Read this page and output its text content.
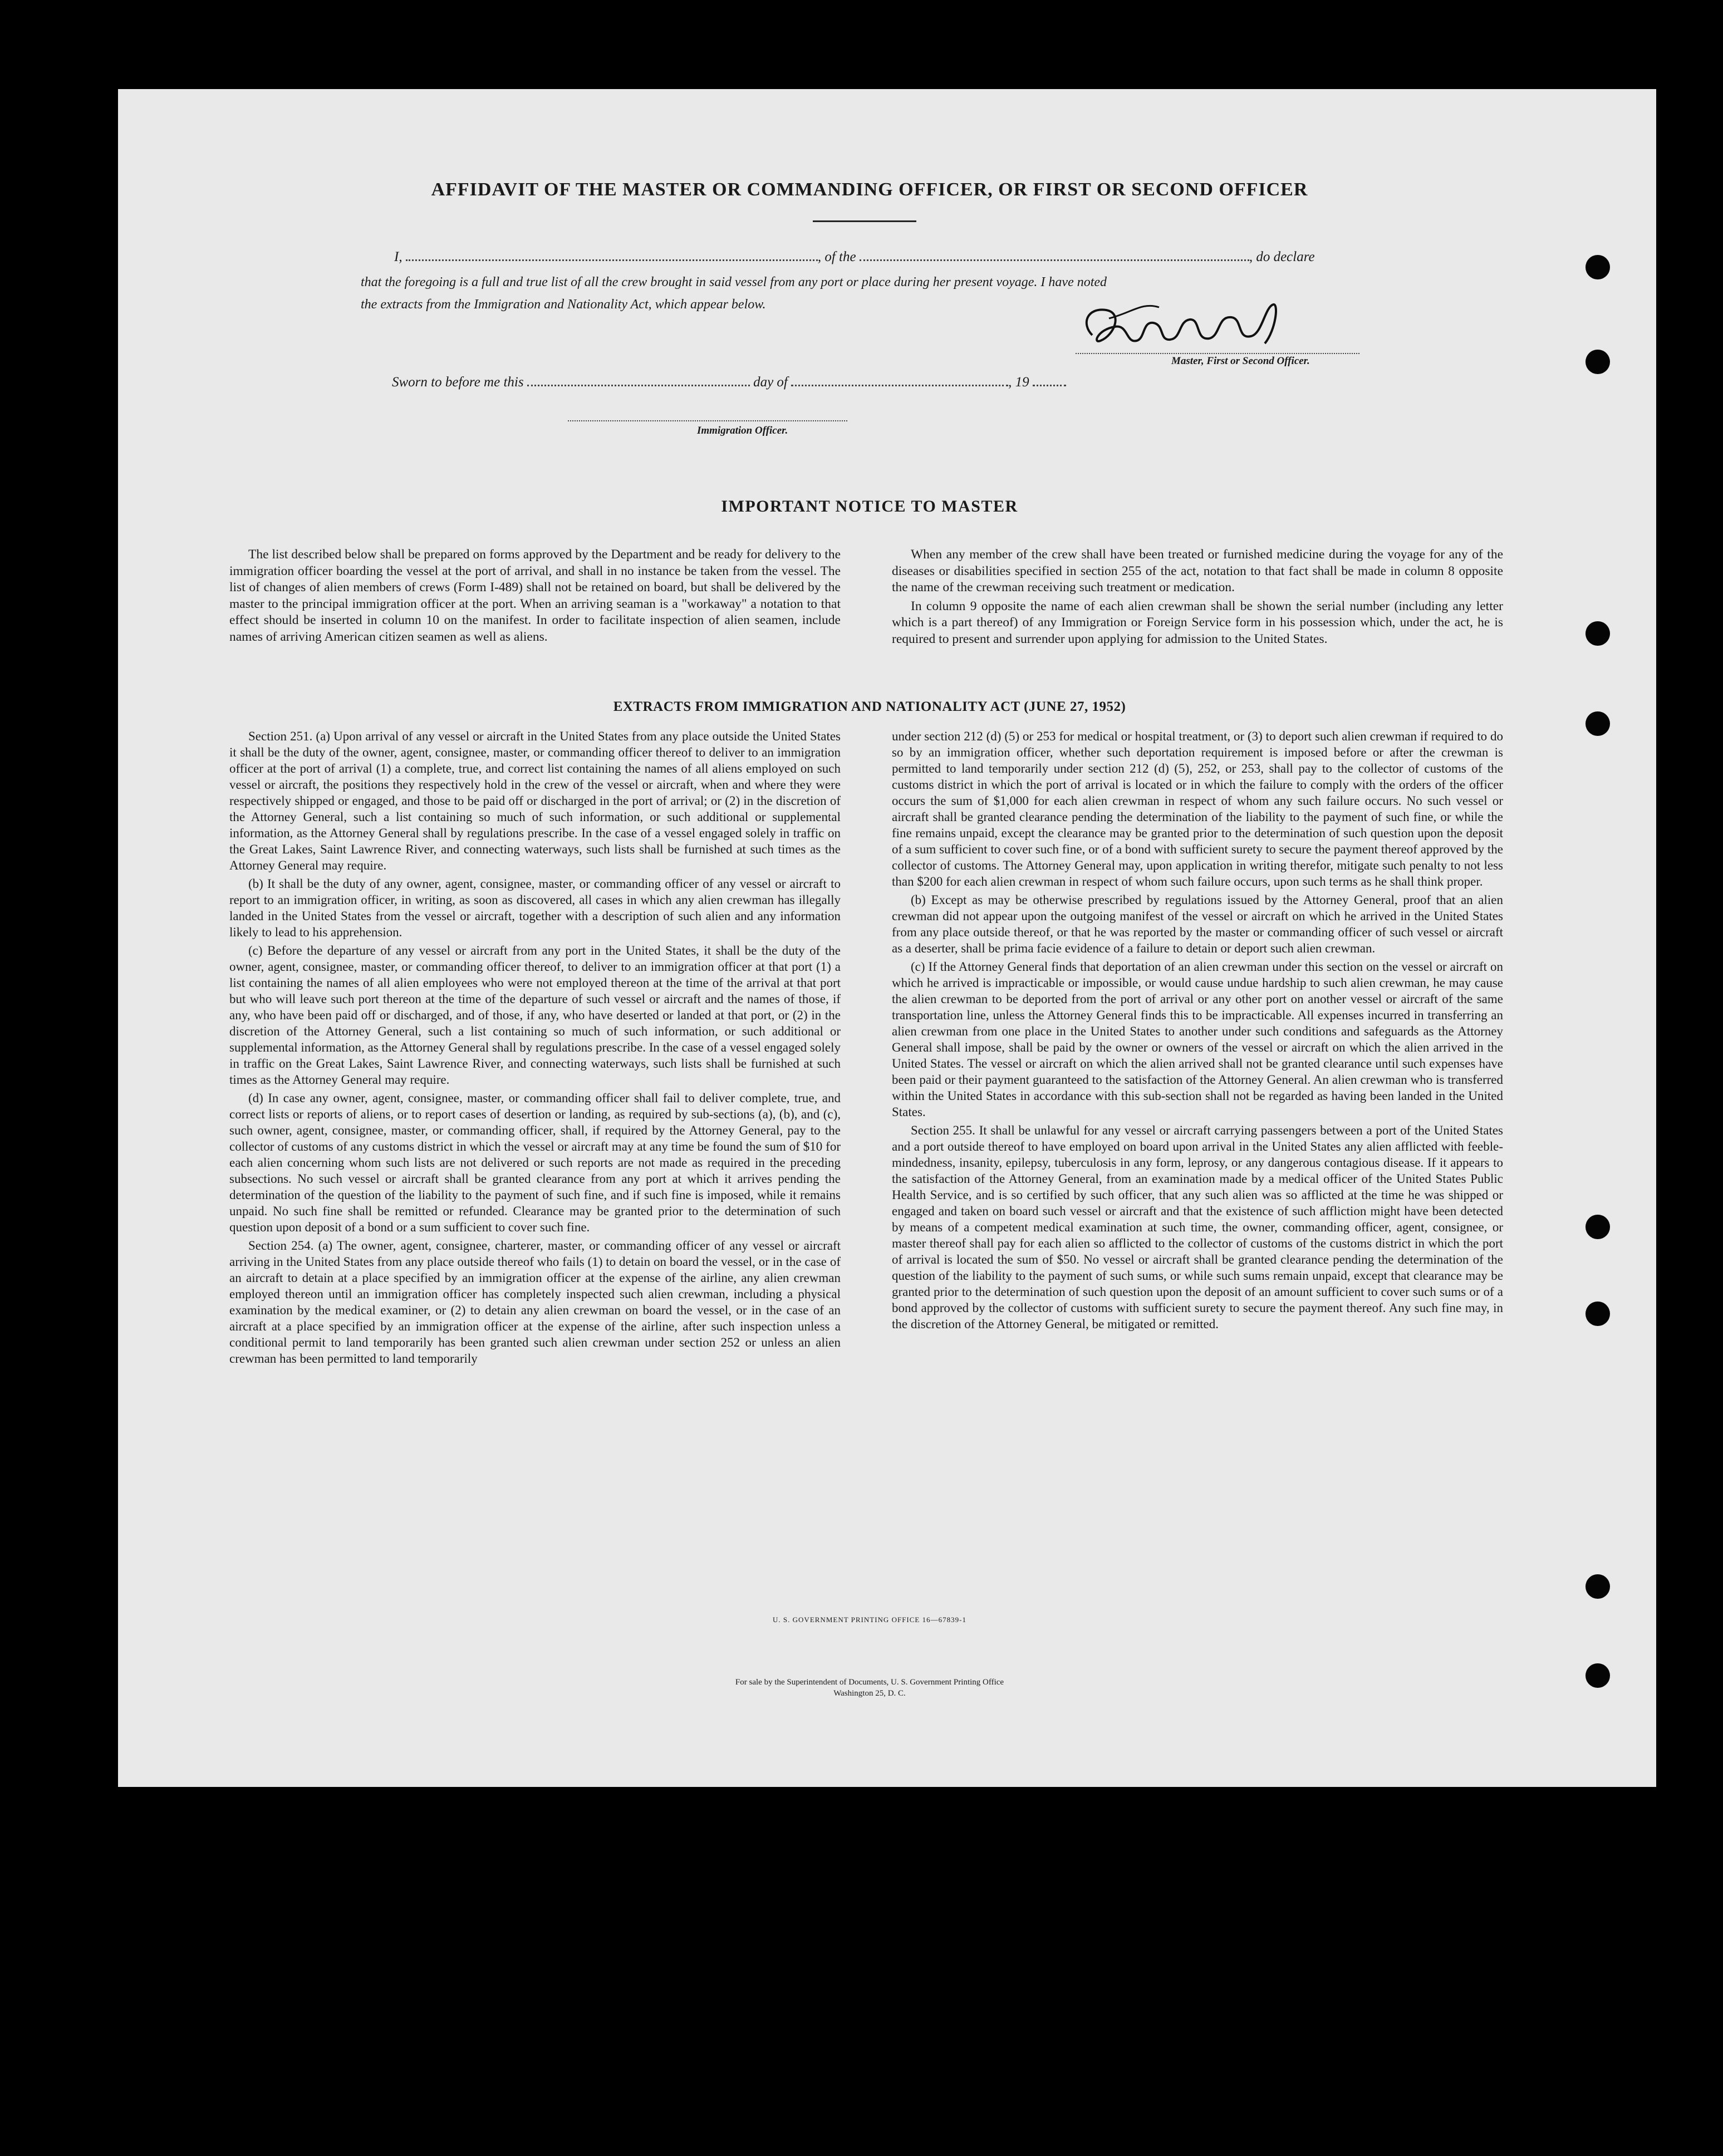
AFFIDAVIT OF THE MASTER OR COMMANDING OFFICER, OR FIRST OR SECOND OFFICER
I,	, of the	, do declare
that the foregoing is a full and true list of all the crew brought in said vessel from any port or place during her present voyage. I have noted
the extracts from the Immigration and Nationality Act, which appear below.
Master, First or Second Officer.
Sworn to before me this	day of	, 19
Immigration Officer.
IMPORTANT NOTICE TO MASTER

The list described below shall be prepared on forms approved by the Department and be ready for delivery to the immigration officer boarding the vessel at the port of arrival, and shall in no instance be taken from the vessel. The list of changes of alien members of crews (Form I-489) shall not be retained on board, but shall be delivered by the master to the principal immigration officer at the port. When an arriving seaman is a "workaway" a notation to that effect should be inserted in column 10 on the manifest. In order to facilitate inspection of alien seamen, include names of arriving American citizen seamen as well as aliens.

When any member of the crew shall have been treated or furnished medicine during the voyage for any of the diseases or disabilities specified in section 255 of the act, notation to that fact shall be made in column 8 opposite the name of the crewman receiving such treatment or medication.

In column 9 opposite the name of each alien crewman shall be shown the serial number (including any letter which is a part thereof) of any Immigration or Foreign Service form in his possession which, under the act, he is required to present and surrender upon applying for admission to the United States.

EXTRACTS FROM IMMIGRATION AND NATIONALITY ACT (JUNE 27, 1952)

Section 251. (a) Upon arrival of any vessel or aircraft in the United States from any place outside the United States it shall be the duty of the owner, agent, consignee, master, or commanding officer thereof to deliver to an immigration officer at the port of arrival (1) a complete, true, and correct list containing the names of all aliens employed on such vessel or aircraft, the positions they respectively hold in the crew of the vessel or aircraft, when and where they were respectively shipped or engaged, and those to be paid off or discharged in the port of arrival; or (2) in the discretion of the Attorney General, such a list containing so much of such information, or such additional or supplemental information, as the Attorney General shall by regulations prescribe. In the case of a vessel engaged solely in traffic on the Great Lakes, Saint Lawrence River, and connecting waterways, such lists shall be furnished at such times as the Attorney General may require.

(b) It shall be the duty of any owner, agent, consignee, master, or commanding officer of any vessel or aircraft to report to an immigration officer, in writing, as soon as discovered, all cases in which any alien crewman has illegally landed in the United States from the vessel or aircraft, together with a description of such alien and any information likely to lead to his apprehension.

(c) Before the departure of any vessel or aircraft from any port in the United States, it shall be the duty of the owner, agent, consignee, master, or commanding officer thereof, to deliver to an immigration officer at that port (1) a list containing the names of all alien employees who were not employed thereon at the time of the arrival at that port but who will leave such port thereon at the time of the departure of such vessel or aircraft and the names of those, if any, who have been paid off or discharged, and of those, if any, who have deserted or landed at that port, or (2) in the discretion of the Attorney General, such a list containing so much of such information, or such additional or supplemental information, as the Attorney General shall by regulations prescribe. In the case of a vessel engaged solely in traffic on the Great Lakes, Saint Lawrence River, and connecting waterways, such lists shall be furnished at such times as the Attorney General may require.

(d) In case any owner, agent, consignee, master, or commanding officer shall fail to deliver complete, true, and correct lists or reports of aliens, or to report cases of desertion or landing, as required by sub-sections (a), (b), and (c), such owner, agent, consignee, master, or commanding officer, shall, if required by the Attorney General, pay to the collector of customs of any customs district in which the vessel or aircraft may at any time be found the sum of $10 for each alien concerning whom such lists are not delivered or such reports are not made as required in the preceding subsections. No such vessel or aircraft shall be granted clearance from any port at which it arrives pending the determination of the question of the liability to the payment of such fine, and if such fine is imposed, while it remains unpaid. No such fine shall be remitted or refunded. Clearance may be granted prior to the determination of such question upon deposit of a bond or a sum sufficient to cover such fine.

Section 254. (a) The owner, agent, consignee, charterer, master, or commanding officer of any vessel or aircraft arriving in the United States from any place outside thereof who fails (1) to detain on board the vessel, or in the case of an aircraft to detain at a place specified by an immigration officer at the expense of the airline, any alien crewman employed thereon until an immigration officer has completely inspected such alien crewman, including a physical examination by the medical examiner, or (2) to detain any alien crewman on board the vessel, or in the case of an aircraft at a place specified by an immigration officer at the expense of the airline, after such inspection unless a conditional permit to land temporarily has been granted such alien crewman under section 252 or unless an alien crewman has been permitted to land temporarily

under section 212 (d) (5) or 253 for medical or hospital treatment, or (3) to deport such alien crewman if required to do so by an immigration officer, whether such deportation requirement is imposed before or after the crewman is permitted to land temporarily under section 212 (d) (5), 252, or 253, shall pay to the collector of customs of the customs district in which the port of arrival is located or in which the failure to comply with the orders of the officer occurs the sum of $1,000 for each alien crewman in respect of whom any such failure occurs. No such vessel or aircraft shall be granted clearance pending the determination of the liability to the payment of such fine, or while the fine remains unpaid, except the clearance may be granted prior to the determination of such question upon the deposit of a sum sufficient to cover such fine, or of a bond with sufficient surety to secure the payment thereof approved by the collector of customs. The Attorney General may, upon application in writing therefor, mitigate such penalty to not less than $200 for each alien crewman in respect of whom such failure occurs, upon such terms as he shall think proper.

(b) Except as may be otherwise prescribed by regulations issued by the Attorney General, proof that an alien crewman did not appear upon the outgoing manifest of the vessel or aircraft on which he arrived in the United States from any place outside thereof, or that he was reported by the master or commanding officer of such vessel or aircraft as a deserter, shall be prima facie evidence of a failure to detain or deport such alien crewman.

(c) If the Attorney General finds that deportation of an alien crewman under this section on the vessel or aircraft on which he arrived is impracticable or impossible, or would cause undue hardship to such alien crewman, he may cause the alien crewman to be deported from the port of arrival or any other port on another vessel or aircraft of the same transportation line, unless the Attorney General finds this to be impracticable. All expenses incurred in transferring an alien crewman from one place in the United States to another under such conditions and safeguards as the Attorney General shall impose, shall be paid by the owner or owners of the vessel or aircraft on which the alien arrived in the United States. The vessel or aircraft on which the alien arrived shall not be granted clearance until such expenses have been paid or their payment guaranteed to the satisfaction of the Attorney General. An alien crewman who is transferred within the United States in accordance with this sub-section shall not be regarded as having been landed in the United States.

Section 255. It shall be unlawful for any vessel or aircraft carrying passengers between a port of the United States and a port outside thereof to have employed on board upon arrival in the United States any alien afflicted with feeble-mindedness, insanity, epilepsy, tuberculosis in any form, leprosy, or any dangerous contagious disease. If it appears to the satisfaction of the Attorney General, from an examination made by a medical officer of the United States Public Health Service, and is so certified by such officer, that any such alien was so afflicted at the time he was shipped or engaged and taken on board such vessel or aircraft and that the existence of such affliction might have been detected by means of a competent medical examination at such time, the owner, commanding officer, agent, consignee, or master thereof shall pay for each alien so afflicted to the collector of customs of the customs district in which the port of arrival is located the sum of $50. No vessel or aircraft shall be granted clearance pending the determination of the question of the liability to the payment of such sums, or while such sums remain unpaid, except that clearance may be granted prior to the determination of such question upon the deposit of an amount sufficient to cover such sums or of a bond approved by the collector of customs with sufficient surety to secure the payment thereof. Any such fine may, in the discretion of the Attorney General, be mitigated or remitted.

U. S. GOVERNMENT PRINTING OFFICE 16—67839-1
For sale by the Superintendent of Documents, U. S. Government Printing Office
Washington 25, D. C.
